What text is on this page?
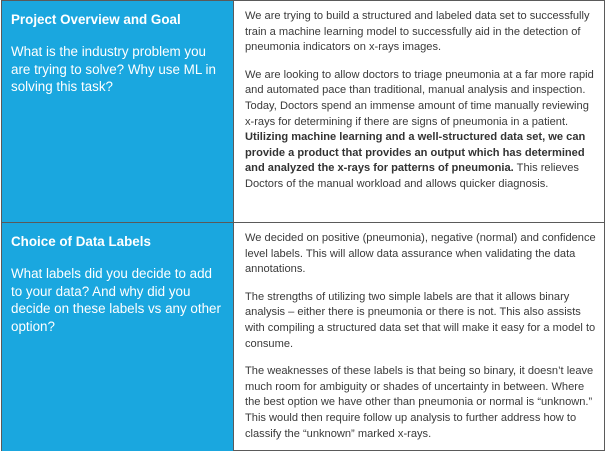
Project Overview and Goal

What is the industry problem you are trying to solve? Why use ML in solving this task?

We are trying to build a structured and labeled data set to successfully train a machine learning model to successfully aid in the detection of pneumonia indicators on x-rays images.

We are looking to allow doctors to triage pneumonia at a far more rapid and automated pace than traditional, manual analysis and inspection. Today, Doctors spend an immense amount of time manually reviewing x-rays for determining if there are signs of pneumonia in a patient. Utilizing machine learning and a well-structured data set, we can provide a product that provides an output which has determined and analyzed the x-rays for patterns of pneumonia. This relieves Doctors of the manual workload and allows quicker diagnosis.

Choice of Data Labels

What labels did you decide to add to your data? And why did you decide on these labels vs any other option?

We decided on positive (pneumonia), negative (normal) and confidence level labels. This will allow data assurance when validating the data annotations.

The strengths of utilizing two simple labels are that it allows binary analysis – either there is pneumonia or there is not. This also assists with compiling a structured data set that will make it easy for a model to consume.

The weaknesses of these labels is that being so binary, it doesn’t leave much room for ambiguity or shades of uncertainty in between. Where the best option we have other than pneumonia or normal is “unknown.” This would then require follow up analysis to further address how to classify the “unknown” marked x-rays.
